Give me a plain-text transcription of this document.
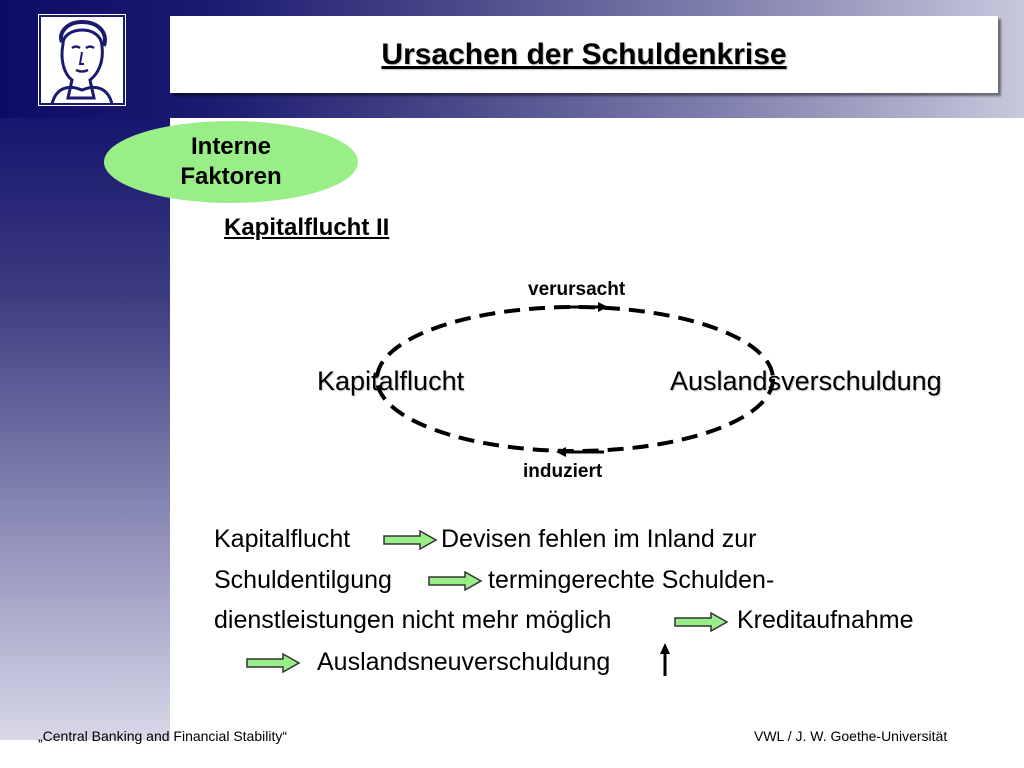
Ursachen der Schuldenkrise
Interne
Faktoren
Kapitalflucht II
verursacht
induziert
Kapitalflucht	Auslandsverschuldung
Kapitalflucht	Devisen fehlen im Inland zur
Schuldentilgung	termingerechte Schulden-
dienstleistungen nicht mehr möglich	Kreditaufnahme
Auslandsneuverschuldung
„Central Banking and Financial Stability“	VWL / J. W. Goethe-Universität
